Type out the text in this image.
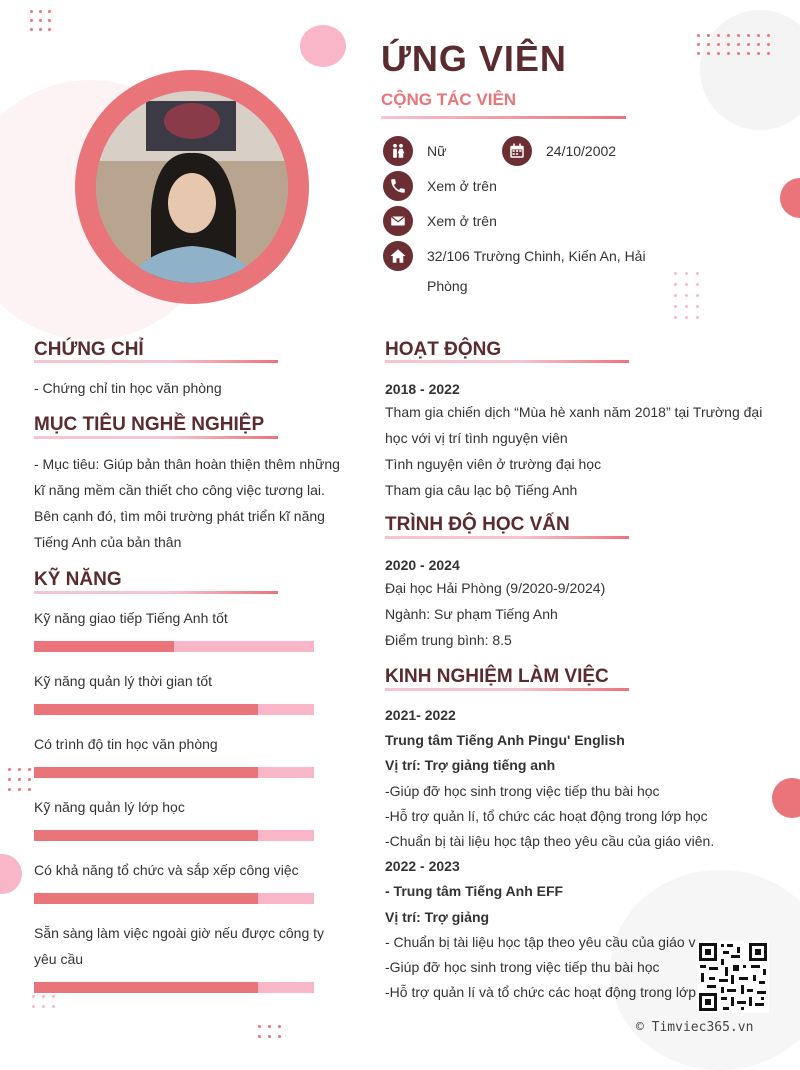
ỨNG VIÊN
CỘNG TÁC VIÊN
Nữ	24/10/2002
Xem ở trên
Xem ở trên
32/106 Trường Chinh, Kiến An, Hải
Phòng
CHỨNG CHỈ
- Chứng chỉ tin học văn phòng
MỤC TIÊU NGHỀ NGHIỆP
- Mục tiêu: Giúp bản thân hoàn thiện thêm những
kĩ năng mềm cần thiết cho công việc tương lai.
Bên cạnh đó, tìm môi trường phát triển kĩ năng
Tiếng Anh của bản thân
KỸ NĂNG
Kỹ năng giao tiếp Tiếng Anh tốt
Kỹ năng quản lý thời gian tốt
Có trình độ tin học văn phòng
Kỹ năng quản lý lớp học
Có khả năng tổ chức và sắp xếp công việc
Sẵn sàng làm việc ngoài giờ nếu được công ty yêu cầu
HOẠT ĐỘNG
2018 - 2022
Tham gia chiến dịch “Mùa hè xanh năm 2018” tại Trường đại
học với vị trí tình nguyện viên
Tình nguyện viên ở trường đại học
Tham gia câu lạc bộ Tiếng Anh
TRÌNH ĐỘ HỌC VẤN
2020 - 2024
Đại học Hải Phòng (9/2020-9/2024)
Ngành: Sư phạm Tiếng Anh
Điểm trung bình: 8.5
KINH NGHIỆM LÀM VIỆC
2021- 2022
Trung tâm Tiếng Anh Pingu' English
Vị trí: Trợ giảng tiếng anh
-Giúp đỡ học sinh trong việc tiếp thu bài học
-Hỗ trợ quản lí, tổ chức các hoạt động trong lớp học
-Chuẩn bị tài liệu học tập theo yêu cầu của giáo viên.
2022 - 2023
- Trung tâm Tiếng Anh EFF
Vị trí: Trợ giảng
- Chuẩn bị tài liệu học tập theo yêu cầu của giáo v
-Giúp đỡ học sinh trong việc tiếp thu bài học
-Hỗ trợ quản lí và tổ chức các hoạt động trong lớp
© Timviec365.vn
